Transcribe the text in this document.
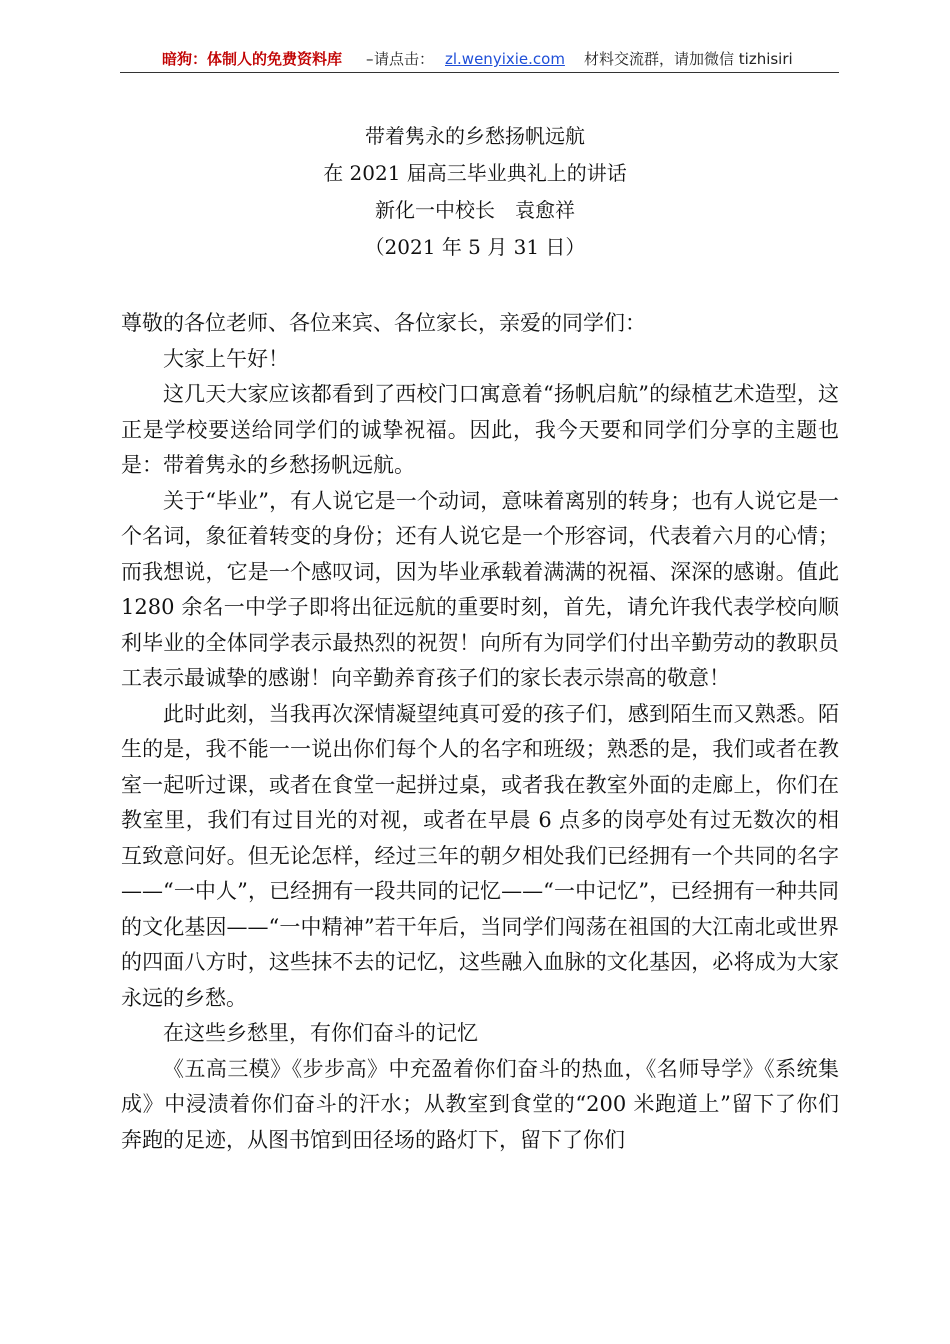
暗狗：体制人的免费资料库 – 请点击： zl.wenyixie.com 材料交流群，请加微信 tizhisiri
带着隽永的乡愁扬帆远航
在 2021 届高三毕业典礼上的讲话
新化一中校长　袁愈祥
（2021 年 5 月 31 日）

尊敬的各位老师、各位来宾、各位家长，亲爱的同学们：

大家上午好！

这几天大家应该都看到了西校门口寓意着“扬帆启航”的绿植艺术造型，这正是学校要送给同学们的诚挚祝福。因此，我今天要和同学们分享的主题也是：带着隽永的乡愁扬帆远航。

关于“毕业”，有人说它是一个动词，意味着离别的转身；也有人说它是一个名词，象征着转变的身份；还有人说它是一个形容词，代表着六月的心情；而我想说，它是一个感叹词，因为毕业承载着满满的祝福、深深的感谢。值此 1280 余名一中学子即将出征远航的重要时刻，首先，请允许我代表学校向顺利毕业的全体同学表示最热烈的祝贺！向所有为同学们付出辛勤劳动的教职员工表示最诚挚的感谢！向辛勤养育孩子们的家长表示崇高的敬意！

此时此刻，当我再次深情凝望纯真可爱的孩子们，感到陌生而又熟悉。陌生的是，我不能一一说出你们每个人的名字和班级；熟悉的是，我们或者在教室一起听过课，或者在食堂一起拼过桌，或者我在教室外面的走廊上，你们在教室里，我们有过目光的对视，或者在早晨 6 点多的岗亭处有过无数次的相互致意问好。但无论怎样，经过三年的朝夕相处我们已经拥有一个共同的名字——“一中人”，已经拥有一段共同的记忆——“一中记忆”，已经拥有一种共同的文化基因——“一中精神”若干年后，当同学们闯荡在祖国的大江南北或世界的四面八方时，这些抹不去的记忆，这些融入血脉的文化基因，必将成为大家永远的乡愁。

在这些乡愁里，有你们奋斗的记忆

《五高三模》《步步高》中充盈着你们奋斗的热血，《名师导学》《系统集成》中浸渍着你们奋斗的汗水；从教室到食堂的“200 米跑道上”留下了你们奔跑的足迹，从图书馆到田径场的路灯下，留下了你们
